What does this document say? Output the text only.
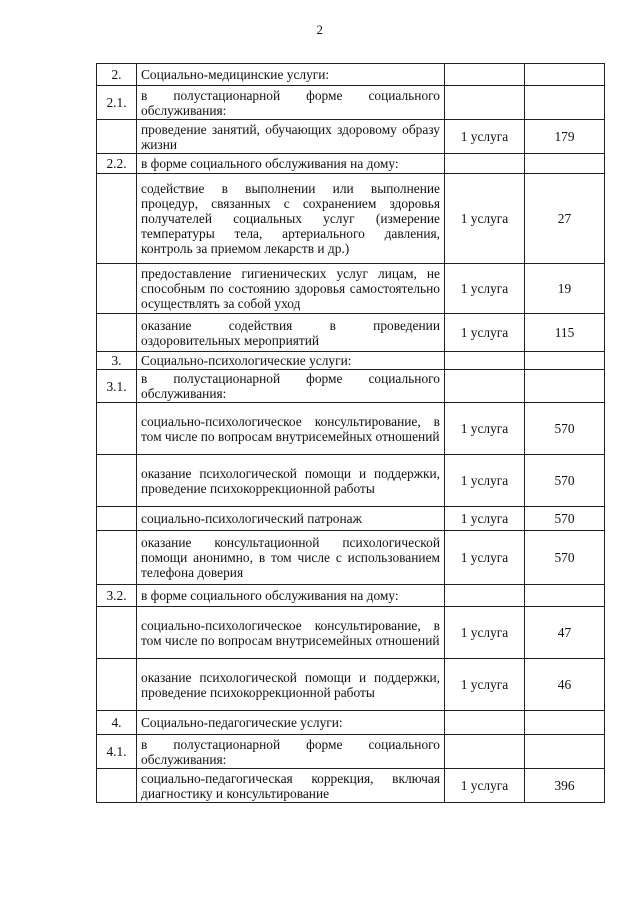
2
2.	Социально-медицинские услуги:		
2.1.	в полустационарной форме социального обслуживания:		
	проведение занятий, обучающих здоровому образу жизни	1 услуга	179
2.2.	в форме социального обслуживания на дому:		
	содействие в выполнении или выполнение процедур, связанных с сохранением здоровья получателей социальных услуг (измерение температуры тела, артериального давления, контроль за приемом лекарств и др.)	1 услуга	27
	предоставление гигиенических услуг лицам, не способным по состоянию здоровья самостоятельно осуществлять за собой уход	1 услуга	19
	оказание содействия в проведении оздоровительных мероприятий	1 услуга	115
3.	Социально-психологические услуги:		
3.1.	в полустационарной форме социального обслуживания:		
	социально-психологическое консультирование, в том числе по вопросам внутрисемейных отношений	1 услуга	570
	оказание психологической помощи и поддержки, проведение психокоррекционной работы	1 услуга	570
	социально-психологический патронаж	1 услуга	570
	оказание консультационной психологической помощи анонимно, в том числе с использованием телефона доверия	1 услуга	570
3.2.	в форме социального обслуживания на дому:		
	социально-психологическое консультирование, в том числе по вопросам внутрисемейных отношений	1 услуга	47
	оказание психологической помощи и поддержки, проведение психокоррекционной работы	1 услуга	46
4.	Социально-педагогические услуги:		
4.1.	в полустационарной форме социального обслуживания:		
	социально-педагогическая коррекция, включая диагностику и консультирование	1 услуга	396
